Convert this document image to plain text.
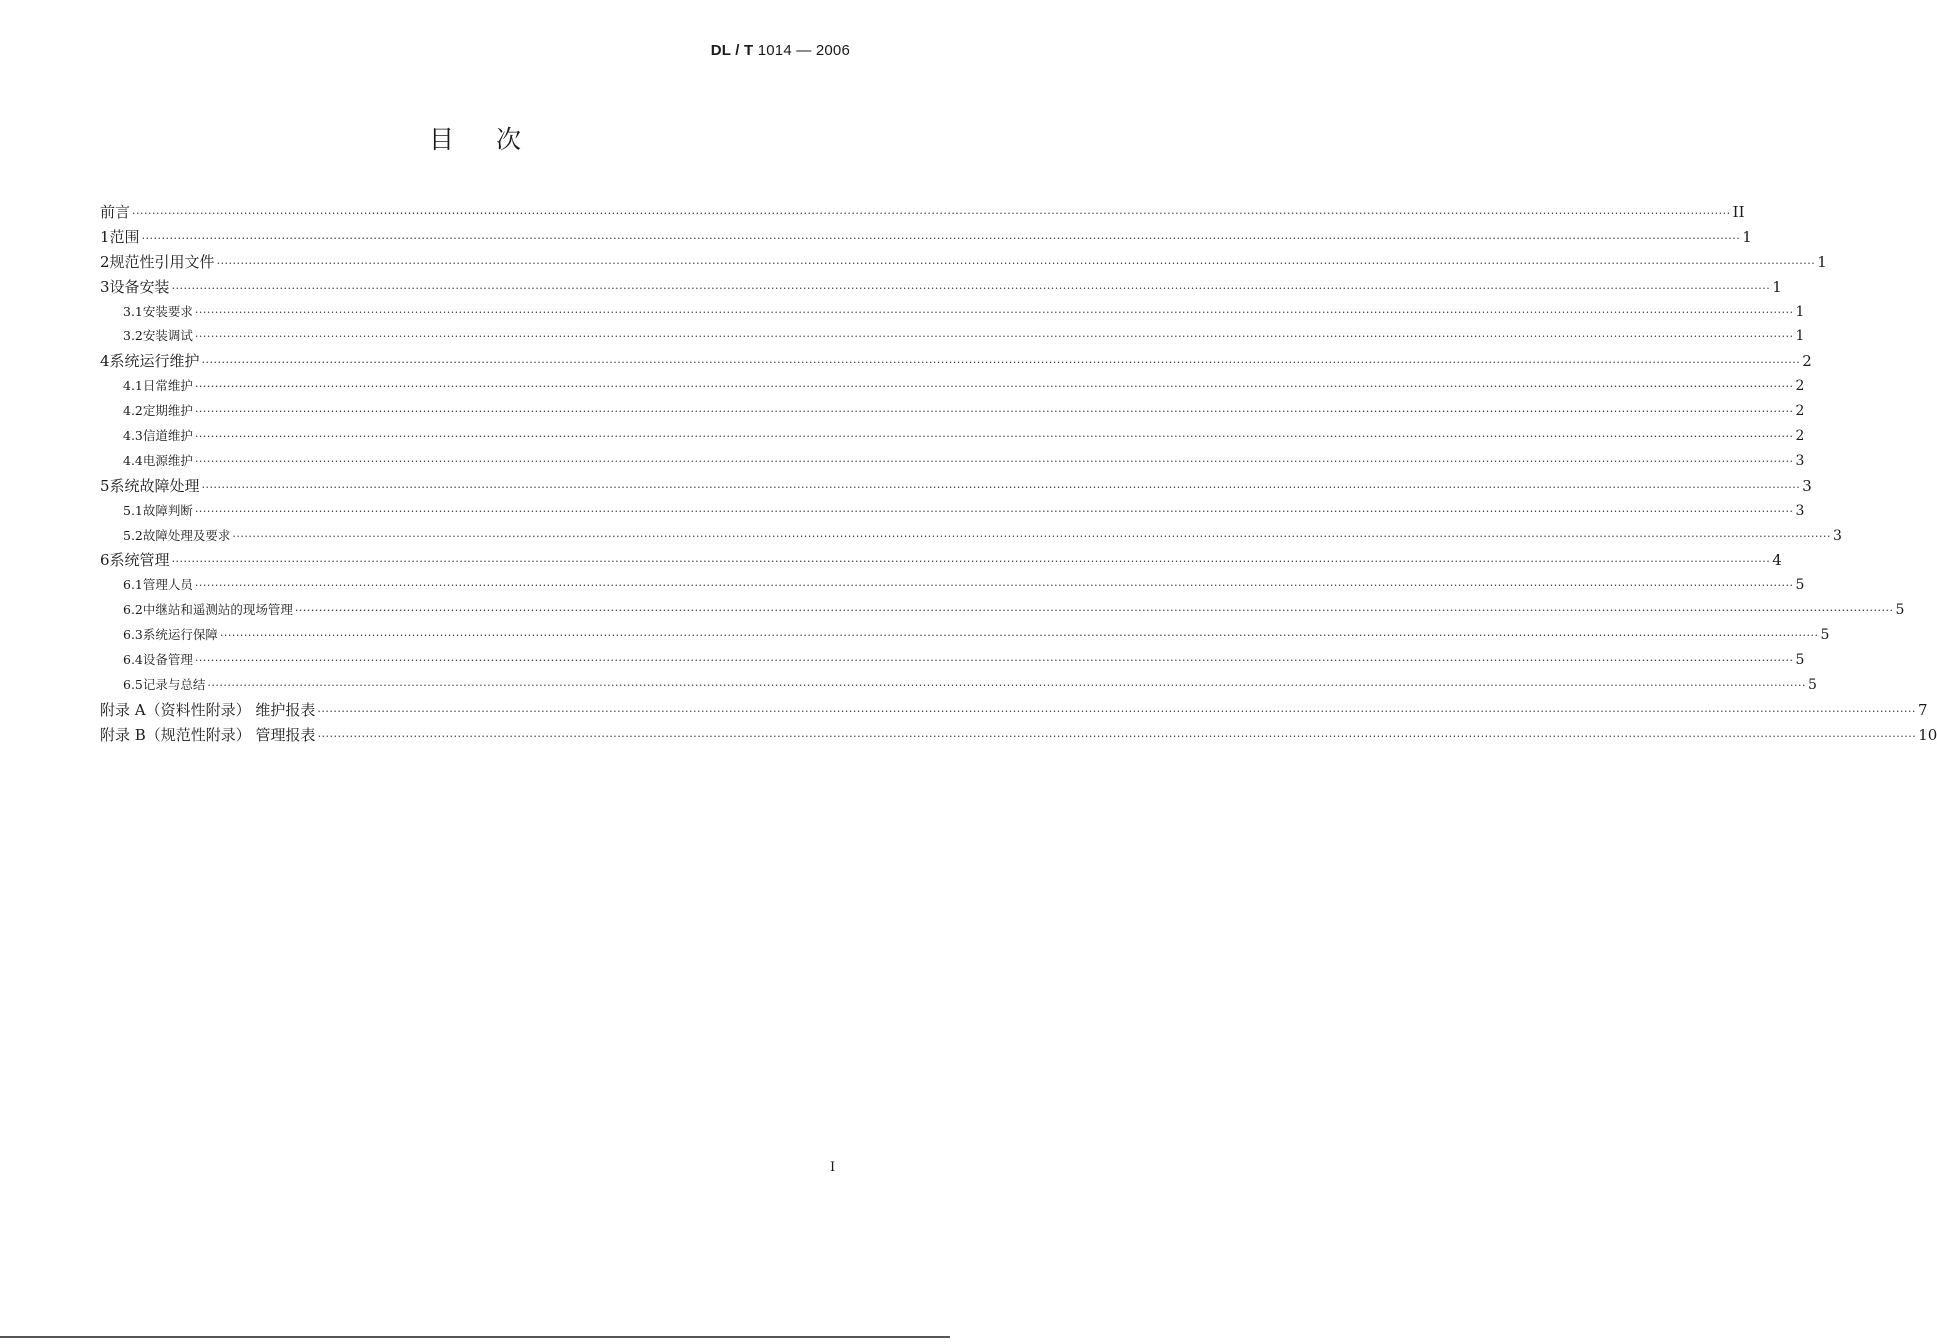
DL / T 1014 — 2006
目次
前言 ················································································································································································································································································································································································································ II
1 范围 ················································································································································································································································································································································································································ 1
2 规范性引用文件 ················································································································································································································································································································································································································ 1
3 设备安装 ················································································································································································································································································································································································································ 1
3.1 安装要求 ················································································································································································································································································································································································································ 1
3.2 安装调试 ················································································································································································································································································································································································································ 1
4 系统运行维护 ················································································································································································································································································································································································································ 2
4.1 日常维护 ················································································································································································································································································································································································································ 2
4.2 定期维护 ················································································································································································································································································································································································································ 2
4.3 信道维护 ················································································································································································································································································································································································································ 2
4.4 电源维护 ················································································································································································································································································································································································································ 3
5 系统故障处理 ················································································································································································································································································································································································································ 3
5.1 故障判断 ················································································································································································································································································································································································································ 3
5.2 故障处理及要求 ················································································································································································································································································································································································································ 3
6 系统管理 ················································································································································································································································································································································································································ 4
6.1 管理人员 ················································································································································································································································································································································································································ 5
6.2 中继站和遥测站的现场管理 ················································································································································································································································································································································································································ 5
6.3 系统运行保障 ················································································································································································································································································································································································································ 5
6.4 设备管理 ················································································································································································································································································································································································································ 5
6.5 记录与总结 ················································································································································································································································································································································································································ 5
附录 A（资料性附录） 维护报表 ················································································································································································································································································································································································································ 7
附录 B（规范性附录） 管理报表 ················································································································································································································································································································································································································ 10
I
